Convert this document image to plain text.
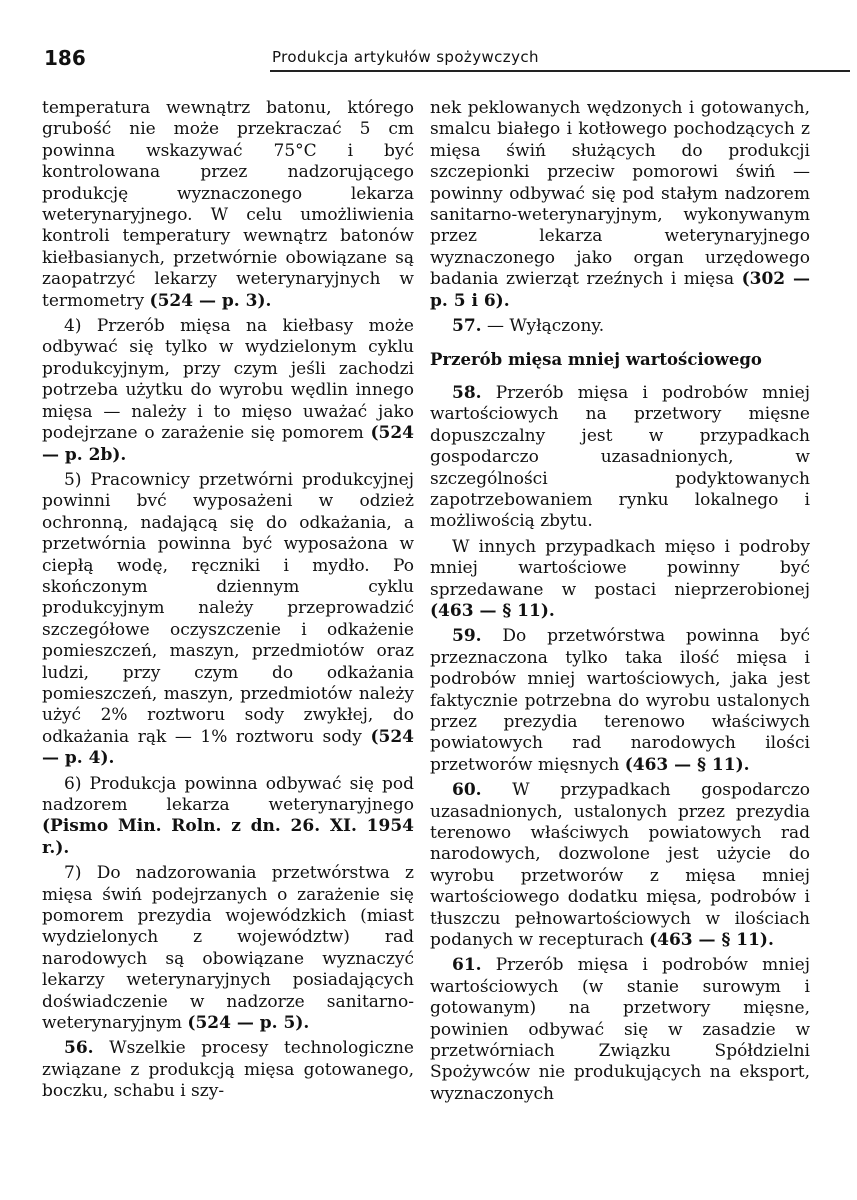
186	Produkcja artykułów spożywczych

temperatura wewnątrz batonu, którego grubość nie może przekraczać 5 cm powinna wskazywać 75°C i być kontrolowana przez nadzorującego produkcję wyznaczonego lekarza weterynaryjnego. W celu umożliwienia kontroli temperatury wewnątrz batonów kiełbasianych, przetwórnie obowiązane są zaopatrzyć lekarzy weterynaryjnych w termometry (524 — p. 3).

4) Przerób mięsa na kiełbasy może odbywać się tylko w wydzielonym cyklu produkcyjnym, przy czym jeśli zachodzi potrzeba użytku do wyrobu wędlin innego mięsa — należy i to mięso uważać jako podejrzane o zarażenie się pomorem (524 — p. 2b).

5) Pracownicy przetwórni produkcyjnej powinni bvć wyposażeni w odzież ochronną, nadającą się do odkażania, a przetwórnia powinna być wyposażona w ciepłą wodę, ręczniki i mydło. Po skończonym dziennym cyklu produkcyjnym należy przeprowadzić szczegółowe oczyszczenie i odkażenie pomieszczeń, maszyn, przedmiotów oraz ludzi, przy czym do odkażania pomieszczeń, maszyn, przedmiotów należy użyć 2% roztworu sody zwykłej, do odkażania rąk — 1% roztworu sody (524 — p. 4).

6) Produkcja powinna odbywać się pod nadzorem lekarza weterynaryjnego (Pismo Min. Roln. z dn. 26. XI. 1954 r.).

7) Do nadzorowania przetwórstwa z mięsa świń podejrzanych o zarażenie się pomorem prezydia wojewódzkich (miast wydzielonych z województw) rad narodowych są obowiązane wyznaczyć lekarzy weterynaryjnych posiadających doświadczenie w nadzorze sanitarno-weterynaryjnym (524 — p. 5).

56. Wszelkie procesy technologiczne związane z produkcją mięsa gotowanego, boczku, schabu i szy-

nek peklowanych wędzonych i gotowanych, smalcu białego i kotłowego pochodzących z mięsa świń służących do produkcji szczepionki przeciw pomorowi świń — powinny odbywać się pod stałym nadzorem sanitarno-weterynaryjnym, wykonywanym przez lekarza weterynaryjnego wyznaczonego jako organ urzędowego badania zwierząt rzeźnych i mięsa (302 — p. 5 i 6).

57. — Wyłączony.

Przerób mięsa mniej wartościowego

58. Przerób mięsa i podrobów mniej wartościowych na przetwory mięsne dopuszczalny jest w przypadkach gospodarczo uzasadnionych, w szczególności podyktowanych zapotrzebowaniem rynku lokalnego i możliwością zbytu.

W innych przypadkach mięso i podroby mniej wartościowe powinny być sprzedawane w postaci nieprzerobionej (463 — § 11).

59. Do przetwórstwa powinna być przeznaczona tylko taka ilość mięsa i podrobów mniej wartościowych, jaka jest faktycznie potrzebna do wyrobu ustalonych przez prezydia terenowo właściwych powiatowych rad narodowych ilości przetworów mięsnych (463 — § 11).

60. W przypadkach gospodarczo uzasadnionych, ustalonych przez prezydia terenowo właściwych powiatowych rad narodowych, dozwolone jest użycie do wyrobu przetworów z mięsa mniej wartościowego dodatku mięsa, podrobów i tłuszczu pełnowartościowych w ilościach podanych w recepturach (463 — § 11).

61. Przerób mięsa i podrobów mniej wartościowych (w stanie surowym i gotowanym) na przetwory mięsne, powinien odbywać się w zasadzie w przetwórniach Związku Spółdzielni Spożywców nie produkujących na eksport, wyznaczonych
